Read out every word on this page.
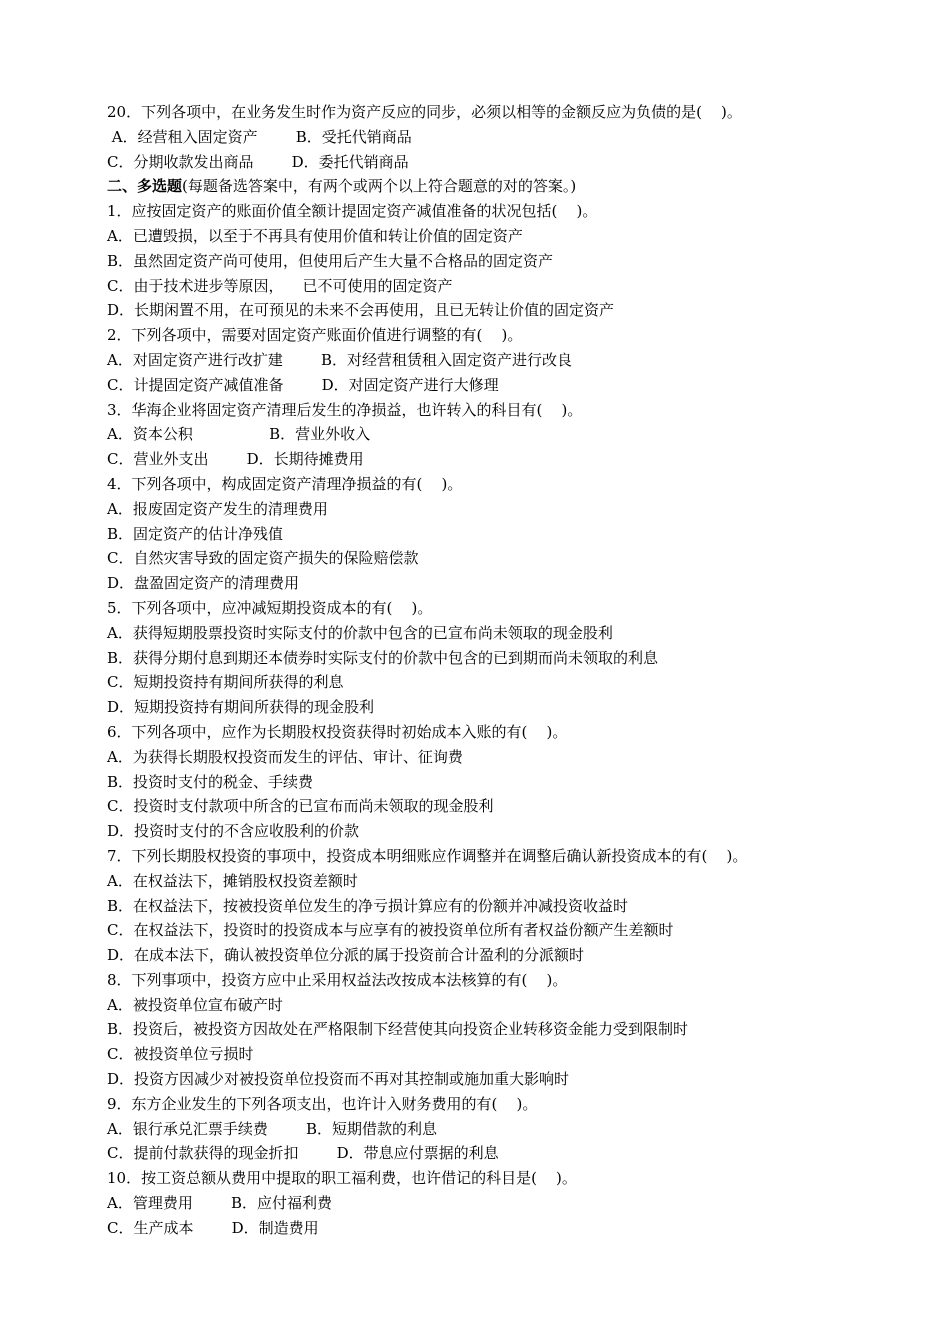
20．下列各项中，在业务发生时作为资产反应的同步，必须以相等的金额反应为负债的是(    )。
A．经营租入固定资产        B．受托代销商品
C．分期收款发出商品        D．委托代销商品
二、多选题(每题备选答案中，有两个或两个以上符合题意的对的答案。)
1．应按固定资产的账面价值全额计提固定资产减值准备的状况包括(    )。
A．已遭毁损，以至于不再具有使用价值和转让价值的固定资产
B．虽然固定资产尚可使用，但使用后产生大量不合格品的固定资产
C．由于技术进步等原因，    已不可使用的固定资产
D．长期闲置不用，在可预见的未来不会再使用，且已无转让价值的固定资产
2．下列各项中，需要对固定资产账面价值进行调整的有(    )。
A．对固定资产进行改扩建        B．对经营租赁租入固定资产进行改良
C．计提固定资产减值准备        D．对固定资产进行大修理
3．华海企业将固定资产清理后发生的净损益，也许转入的科目有(    )。
A．资本公积                B．营业外收入
C．营业外支出        D．长期待摊费用
4．下列各项中，构成固定资产清理净损益的有(    )。
A．报废固定资产发生的清理费用
B．固定资产的估计净残值
C．自然灾害导致的固定资产损失的保险赔偿款
D．盘盈固定资产的清理费用
5．下列各项中，应冲减短期投资成本的有(    )。
A．获得短期股票投资时实际支付的价款中包含的已宣布尚未领取的现金股利
B．获得分期付息到期还本债券时实际支付的价款中包含的已到期而尚未领取的利息
C．短期投资持有期间所获得的利息
D．短期投资持有期间所获得的现金股利
6．下列各项中，应作为长期股权投资获得时初始成本入账的有(    )。
A．为获得长期股权投资而发生的评估、审计、征询费
B．投资时支付的税金、手续费
C．投资时支付款项中所含的已宣布而尚未领取的现金股利
D．投资时支付的不含应收股利的价款
7．下列长期股权投资的事项中，投资成本明细账应作调整并在调整后确认新投资成本的有(    )。
A．在权益法下，摊销股权投资差额时
B．在权益法下，按被投资单位发生的净亏损计算应有的份额并冲减投资收益时
C．在权益法下，投资时的投资成本与应享有的被投资单位所有者权益份额产生差额时
D．在成本法下，确认被投资单位分派的属于投资前合计盈利的分派额时
8．下列事项中，投资方应中止采用权益法改按成本法核算的有(    )。
A．被投资单位宣布破产时
B．投资后，被投资方因故处在严格限制下经营使其向投资企业转移资金能力受到限制时
C．被投资单位亏损时
D．投资方因减少对被投资单位投资而不再对其控制或施加重大影响时
9．东方企业发生的下列各项支出，也许计入财务费用的有(    )。
A．银行承兑汇票手续费        B．短期借款的利息
C．提前付款获得的现金折扣        D．带息应付票据的利息
10．按工资总额从费用中提取的职工福利费，也许借记的科目是(    )。
A．管理费用        B．应付福利费
C．生产成本        D．制造费用
